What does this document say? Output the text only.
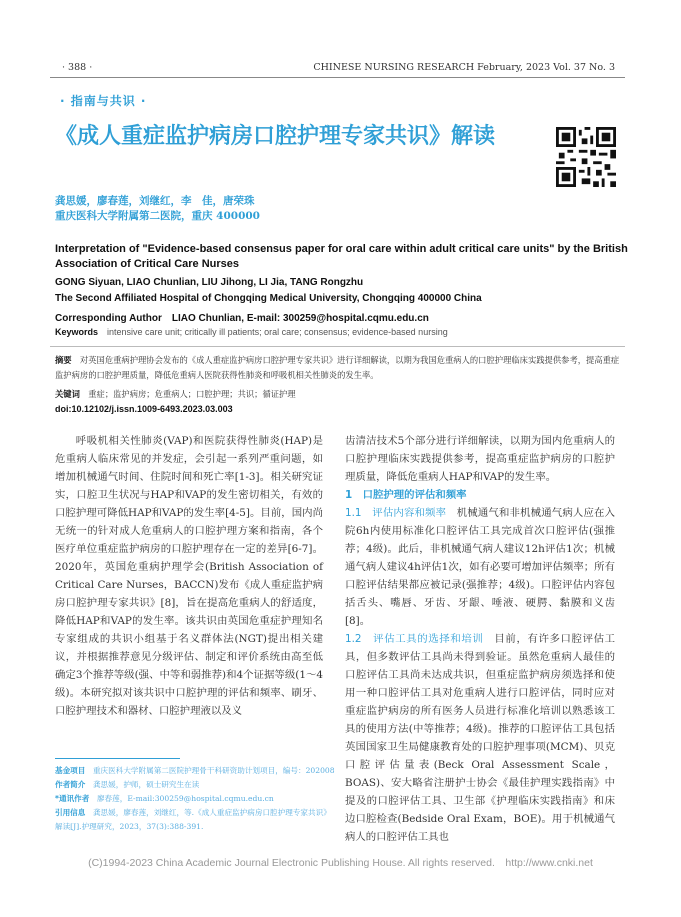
· 388 ·	CHINESE NURSING RESEARCH February, 2023 Vol. 37 No. 3
· 指南与共识 ·
《成人重症监护病房口腔护理专家共识》解读
龚思媛，廖春莲，刘继红，李　佳，唐荣珠
重庆医科大学附属第二医院，重庆 400000
Interpretation of "Evidence-based consensus paper for oral care within adult critical care units" by the British Association of Critical Care Nurses
GONG Siyuan, LIAO Chunlian, LIU Jihong, LI Jia, TANG Rongzhu
The Second Affiliated Hospital of Chongqing Medical University, Chongqing 400000 China
Corresponding Author　LIAO Chunlian, E-mail: 300259@hospital.cqmu.edu.cn
Keywords　 intensive care unit; critically ill patients; oral care; consensus; evidence-based nursing
摘要　 对英国危重病护理协会发布的《成人重症监护病房口腔护理专家共识》进行详细解读，以期为我国危重病人的口腔护理临床实践提供参考，提高重症监护病房的口腔护理质量，降低危重病人医院获得性肺炎和呼吸机相关性肺炎的发生率。
关键词　 重症；监护病房；危重病人；口腔护理；共识；循证护理
doi:10.12102/j.issn.1009-6493.2023.03.003

呼吸机相关性肺炎(VAP)和医院获得性肺炎(HAP)是危重病人临床常见的并发症，会引起一系列严重问题，如增加机械通气时间、住院时间和死亡率[1-3]。相关研究证实，口腔卫生状况与HAP和VAP的发生密切相关，有效的口腔护理可降低HAP和VAP的发生率[4-5]。目前，国内尚无统一的针对成人危重病人的口腔护理方案和指南，各个医疗单位重症监护病房的口腔护理存在一定的差异[6-7]。2020年，英国危重病护理学会(British Association of Critical Care Nurses，BACCN)发布《成人重症监护病房口腔护理专家共识》[8]，旨在提高危重病人的舒适度，降低HAP和VAP的发生率。该共识由英国危重症护理知名专家组成的共识小组基于名义群体法(NGT)提出相关建议，并根据推荐意见分级评估、制定和评价系统由高至低确定3个推荐等级(强、中等和弱推荐)和4个证据等级(1～4级)。本研究拟对该共识中口腔护理的评估和频率、刷牙、口腔护理技术和器材、口腔护理液以及义

齿清洁技术5个部分进行详细解读，以期为国内危重病人的口腔护理临床实践提供参考，提高重症监护病房的口腔护理质量，降低危重病人HAP和VAP的发生率。

1　口腔护理的评估和频率

1.1　评估内容和频率　机械通气和非机械通气病人应在入院6h内使用标准化口腔评估工具完成首次口腔评估(强推荐；4级)。此后，非机械通气病人建议12h评估1次；机械通气病人建议4h评估1次，如有必要可增加评估频率；所有口腔评估结果都应被记录(强推荐；4级)。口腔评估内容包括舌头、嘴唇、牙齿、牙龈、唾液、硬腭、黏膜和义齿[8]。

1.2　评估工具的选择和培训　目前，有许多口腔评估工具，但多数评估工具尚未得到验证。虽然危重病人最佳的口腔评估工具尚未达成共识，但重症监护病房须选择和使用一种口腔评估工具对危重病人进行口腔评估，同时应对重症监护病房的所有医务人员进行标准化培训以熟悉该工具的使用方法(中等推荐；4级)。推荐的口腔评估工具包括英国国家卫生局健康教育处的口腔护理事项(MCM)、贝克口腔评估量表(Beck Oral Assessment Scale，BOAS)、安大略省注册护士协会《最佳护理实践指南》中提及的口腔评估工具、卫生部《护理临床实践指南》和床边口腔检查(Bedside Oral Exam，BOE)。用于机械通气病人的口腔评估工具也

基金项目　 重庆医科大学附属第二医院护理骨干科研资助计划项目，编号：202008
作者简介　 龚思媛，护师，硕士研究生在读
*通讯作者　 廖春莲，E-mail:300259@hospital.cqmu.edu.cn
引用信息　 龚思媛，廖春莲，刘继红，等.《成人重症监护病房口腔护理专家共识》解读[J].护理研究，2023，37(3):388-391.
(C)1994-2023 China Academic Journal Electronic Publishing House. All rights reserved.　http://www.cnki.net
